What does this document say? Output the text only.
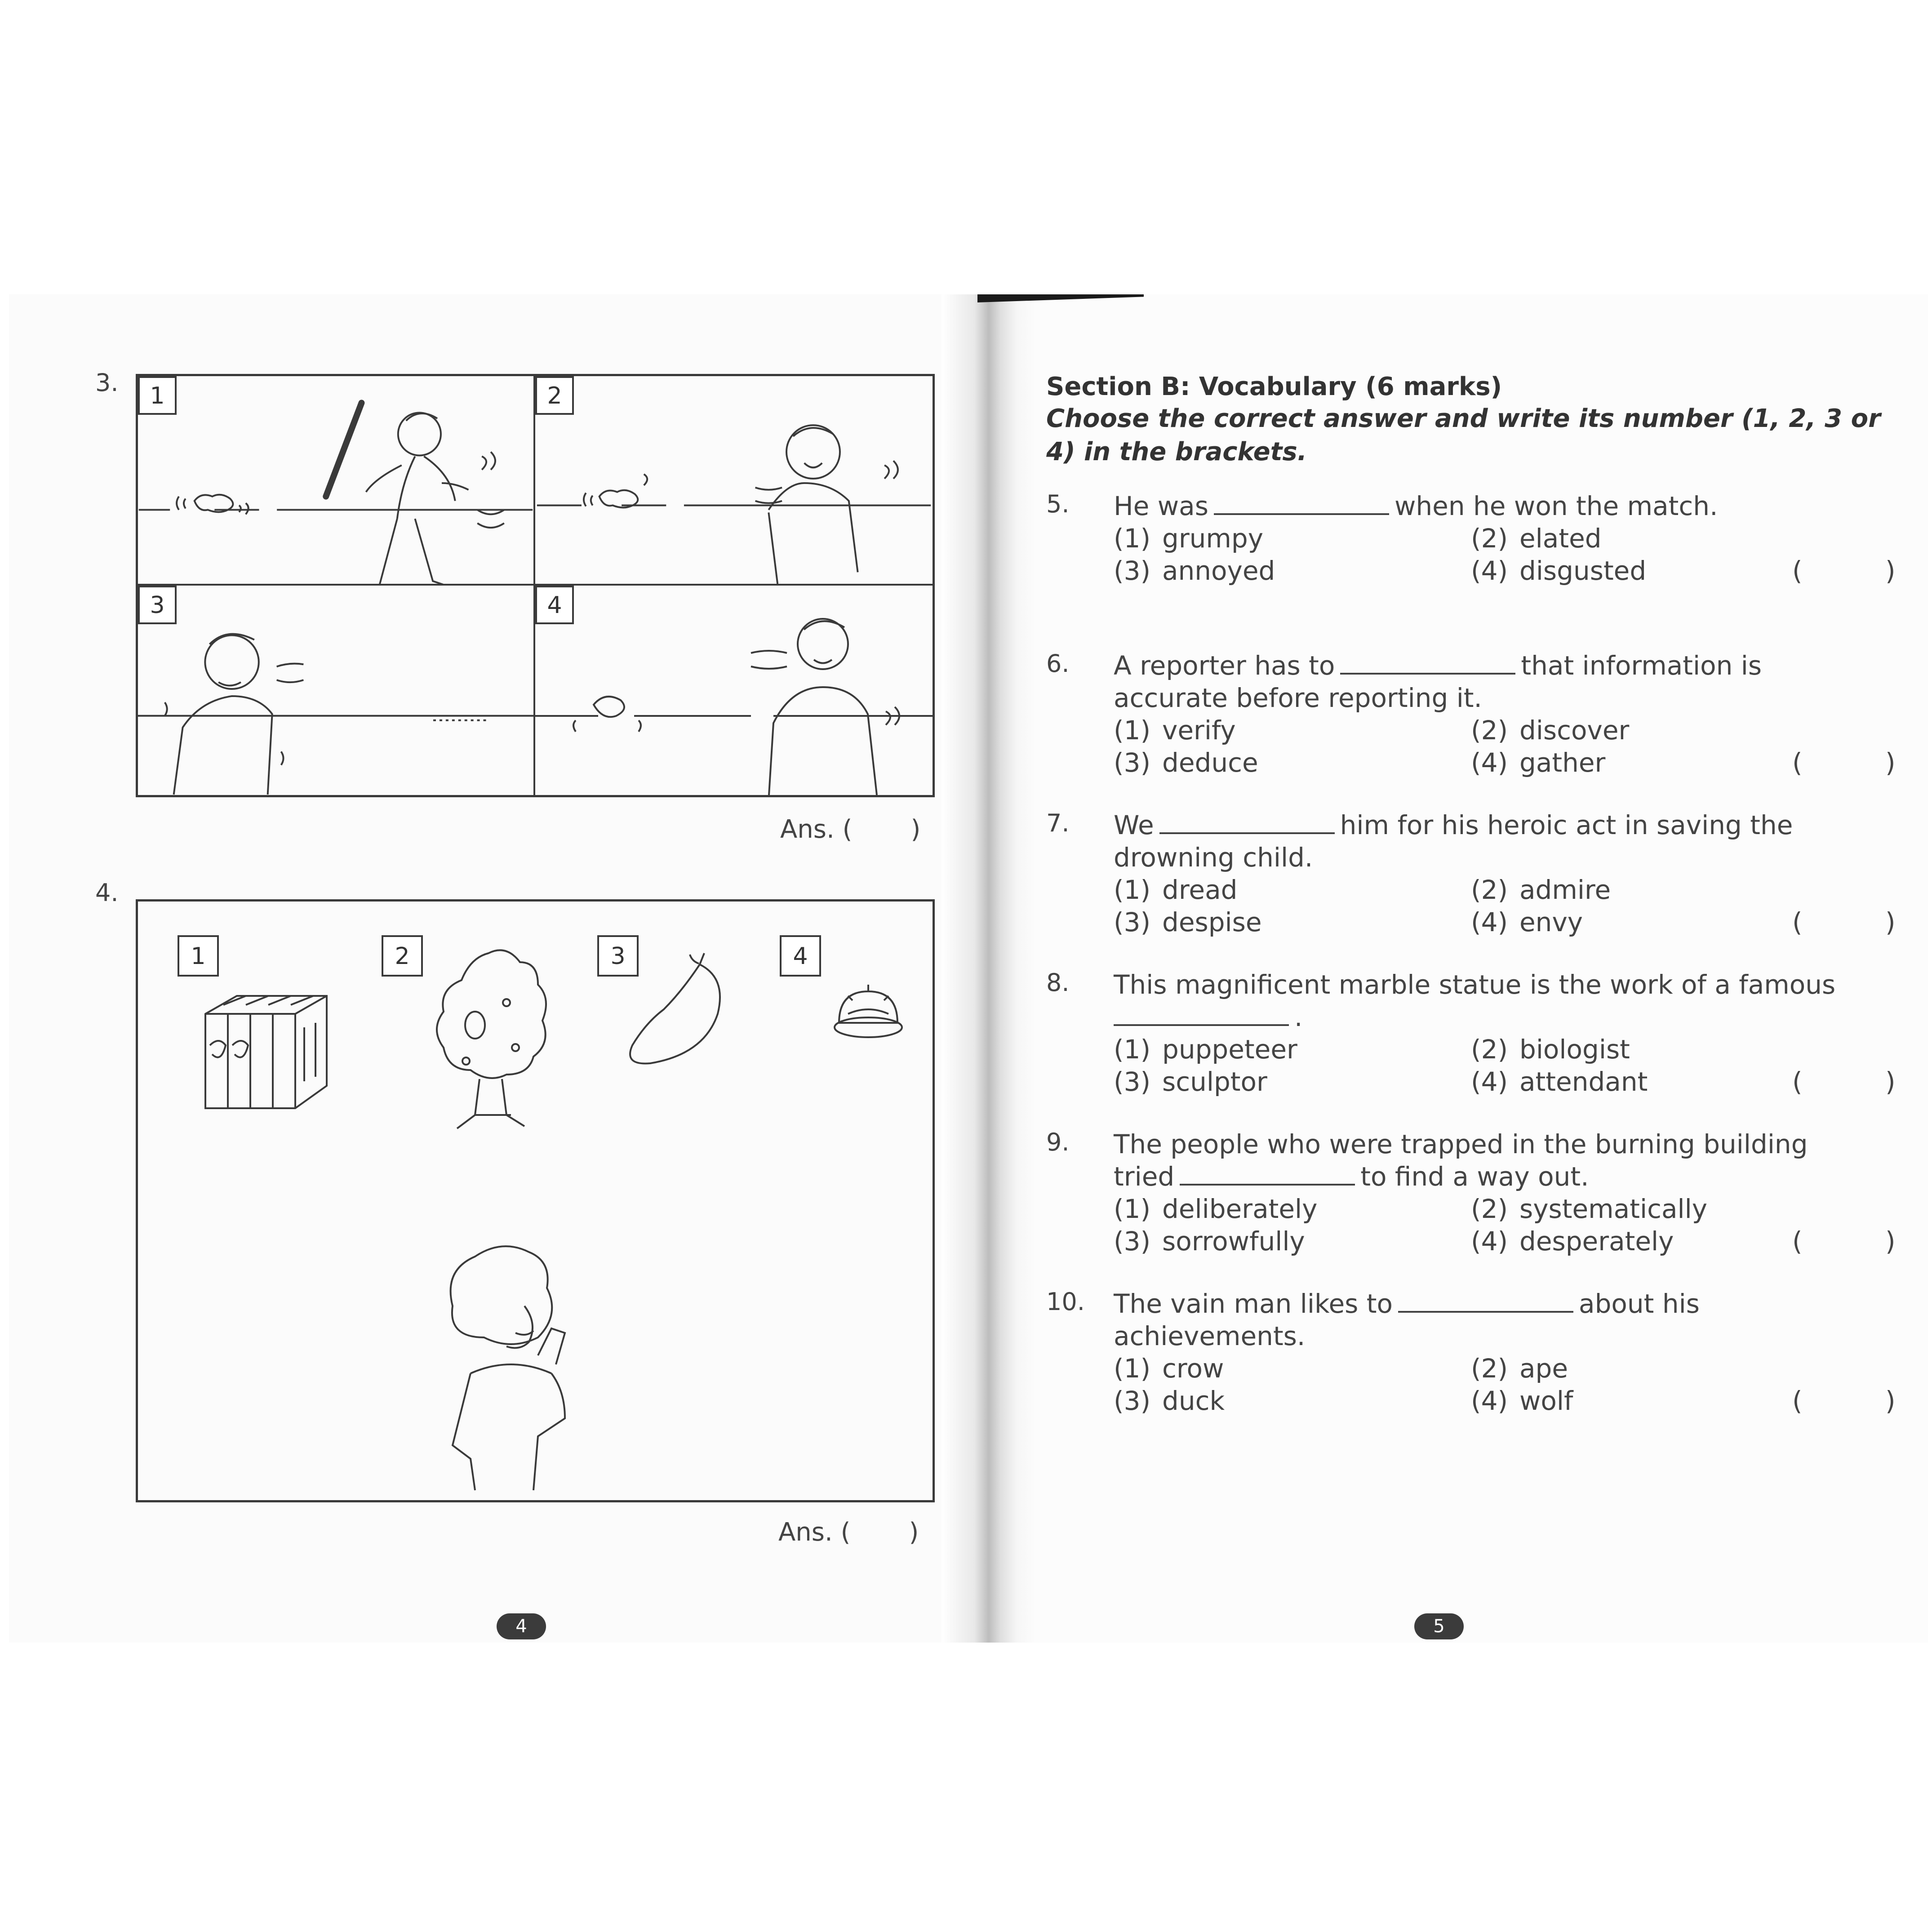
3.	1	2
3	4
Ans. ( )
4.
1	2	3	4
Ans. ( )
4
Section B: Vocabulary (6 marks)
Choose the correct answer and write its number (1, 2, 3 or 4) in the brackets.
5. He was	when he won the match.
(1) grumpy	(2) elated
(3) annoyed	(4) disgusted	(          )
6. A reporter has to	that information is
accurate before reporting it.
(1) verify	(2) discover
(3) deduce	(4) gather	(          )
7. We	him for his heroic act in saving the
drowning child.
(1) dread	(2) admire
(3) despise	(4) envy	(          )
8. This magnificent marble statue is the work of a famous
.
(1) puppeteer	(2) biologist
(3) sculptor	(4) attendant	(          )
9. The people who were trapped in the burning building
tried	to find a way out.
(1) deliberately	(2) systematically
(3) sorrowfully	(4) desperately	(          )
10. The vain man likes to	about his
achievements.
(1) crow	(2) ape
(3) duck	(4) wolf	(          )
5
